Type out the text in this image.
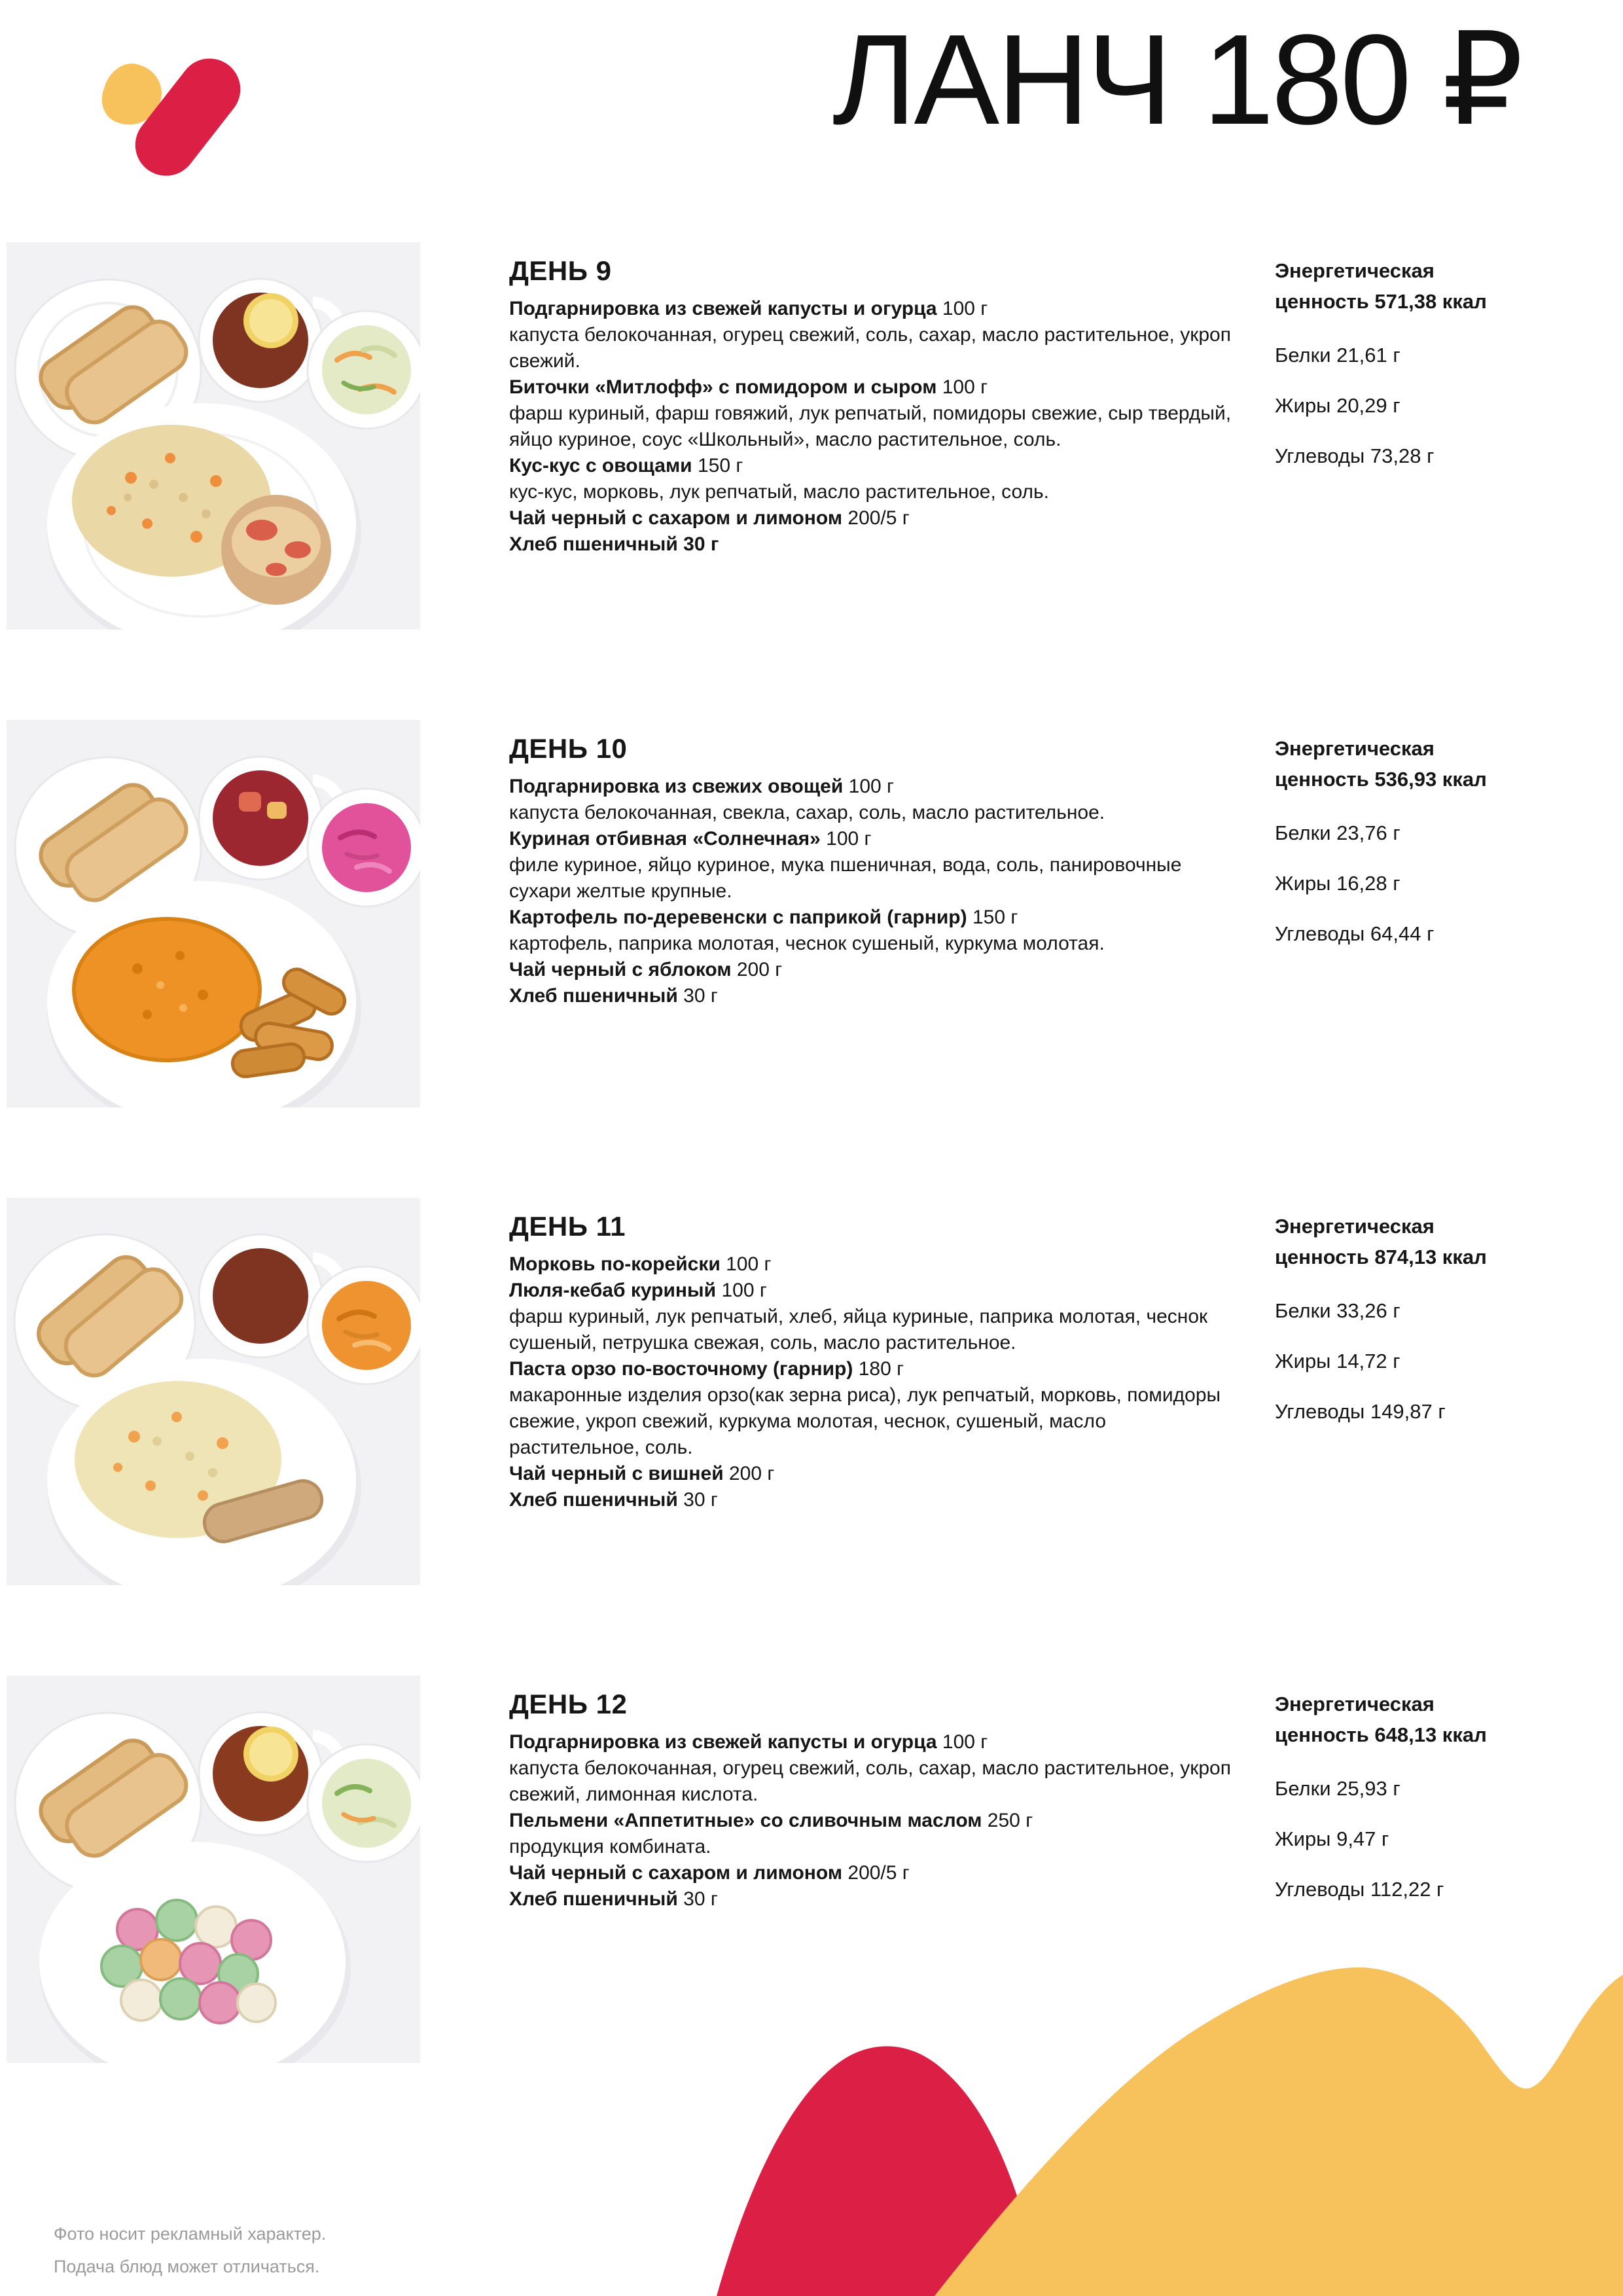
ЛАНЧ 180 ₽
ДЕНЬ 9

Подгарнировка из свежей капусты и огурца 100 г

капуста белокочанная, огурец свежий, соль, сахар, масло растительное, укроп свежий.

Биточки «Митлофф» с помидором и сыром 100 г

фарш куриный, фарш говяжий, лук репчатый, помидоры свежие, сыр твердый, яйцо куриное, соус «Школьный», масло растительное, соль.

Кус-кус с овощами 150 г

кус-кус, морковь, лук репчатый, масло растительное, соль.

Чай черный с сахаром и лимоном 200/5 г

Хлеб пшеничный 30 г

Энергетическая ценность 571,38 ккал

Белки 21,61 г
Жиры 20,29 г
Углеводы 73,28 г
ДЕНЬ 10

Подгарнировка из свежих овощей 100 г

капуста белокочанная, свекла, сахар, соль, масло растительное.

Куриная отбивная «Солнечная» 100 г

филе куриное, яйцо куриное, мука пшеничная, вода, соль, панировочные сухари желтые крупные.

Картофель по-деревенски с паприкой (гарнир) 150 г

картофель, паприка молотая, чеснок сушеный, куркума молотая.

Чай черный с яблоком 200 г

Хлеб пшеничный 30 г

Энергетическая ценность 536,93 ккал

Белки 23,76 г
Жиры 16,28 г
Углеводы 64,44 г
ДЕНЬ 11

Морковь по-корейски 100 г

Люля-кебаб куриный 100 г

фарш куриный, лук репчатый, хлеб, яйца куриные, паприка молотая, чеснок сушеный, петрушка свежая, соль, масло растительное.

Паста орзо по-восточному (гарнир) 180 г

макаронные изделия орзо(как зерна риса), лук репчатый, морковь, помидоры свежие, укроп свежий, куркума молотая, чеснок, сушеный, масло растительное, соль.

Чай черный с вишней 200 г

Хлеб пшеничный 30 г

Энергетическая ценность 874,13 ккал

Белки 33,26 г
Жиры 14,72 г
Углеводы 149,87 г
ДЕНЬ 12

Подгарнировка из свежей капусты и огурца 100 г

капуста белокочанная, огурец свежий, соль, сахар, масло растительное, укроп свежий, лимонная кислота.

Пельмени «Аппетитные» со сливочным маслом 250 г

продукция комбината.

Чай черный с сахаром и лимоном 200/5 г

Хлеб пшеничный 30 г

Энергетическая ценность 648,13 ккал

Белки 25,93 г
Жиры 9,47 г
Углеводы 112,22 г

Фото носит рекламный характер.

Подача блюд может отличаться.
